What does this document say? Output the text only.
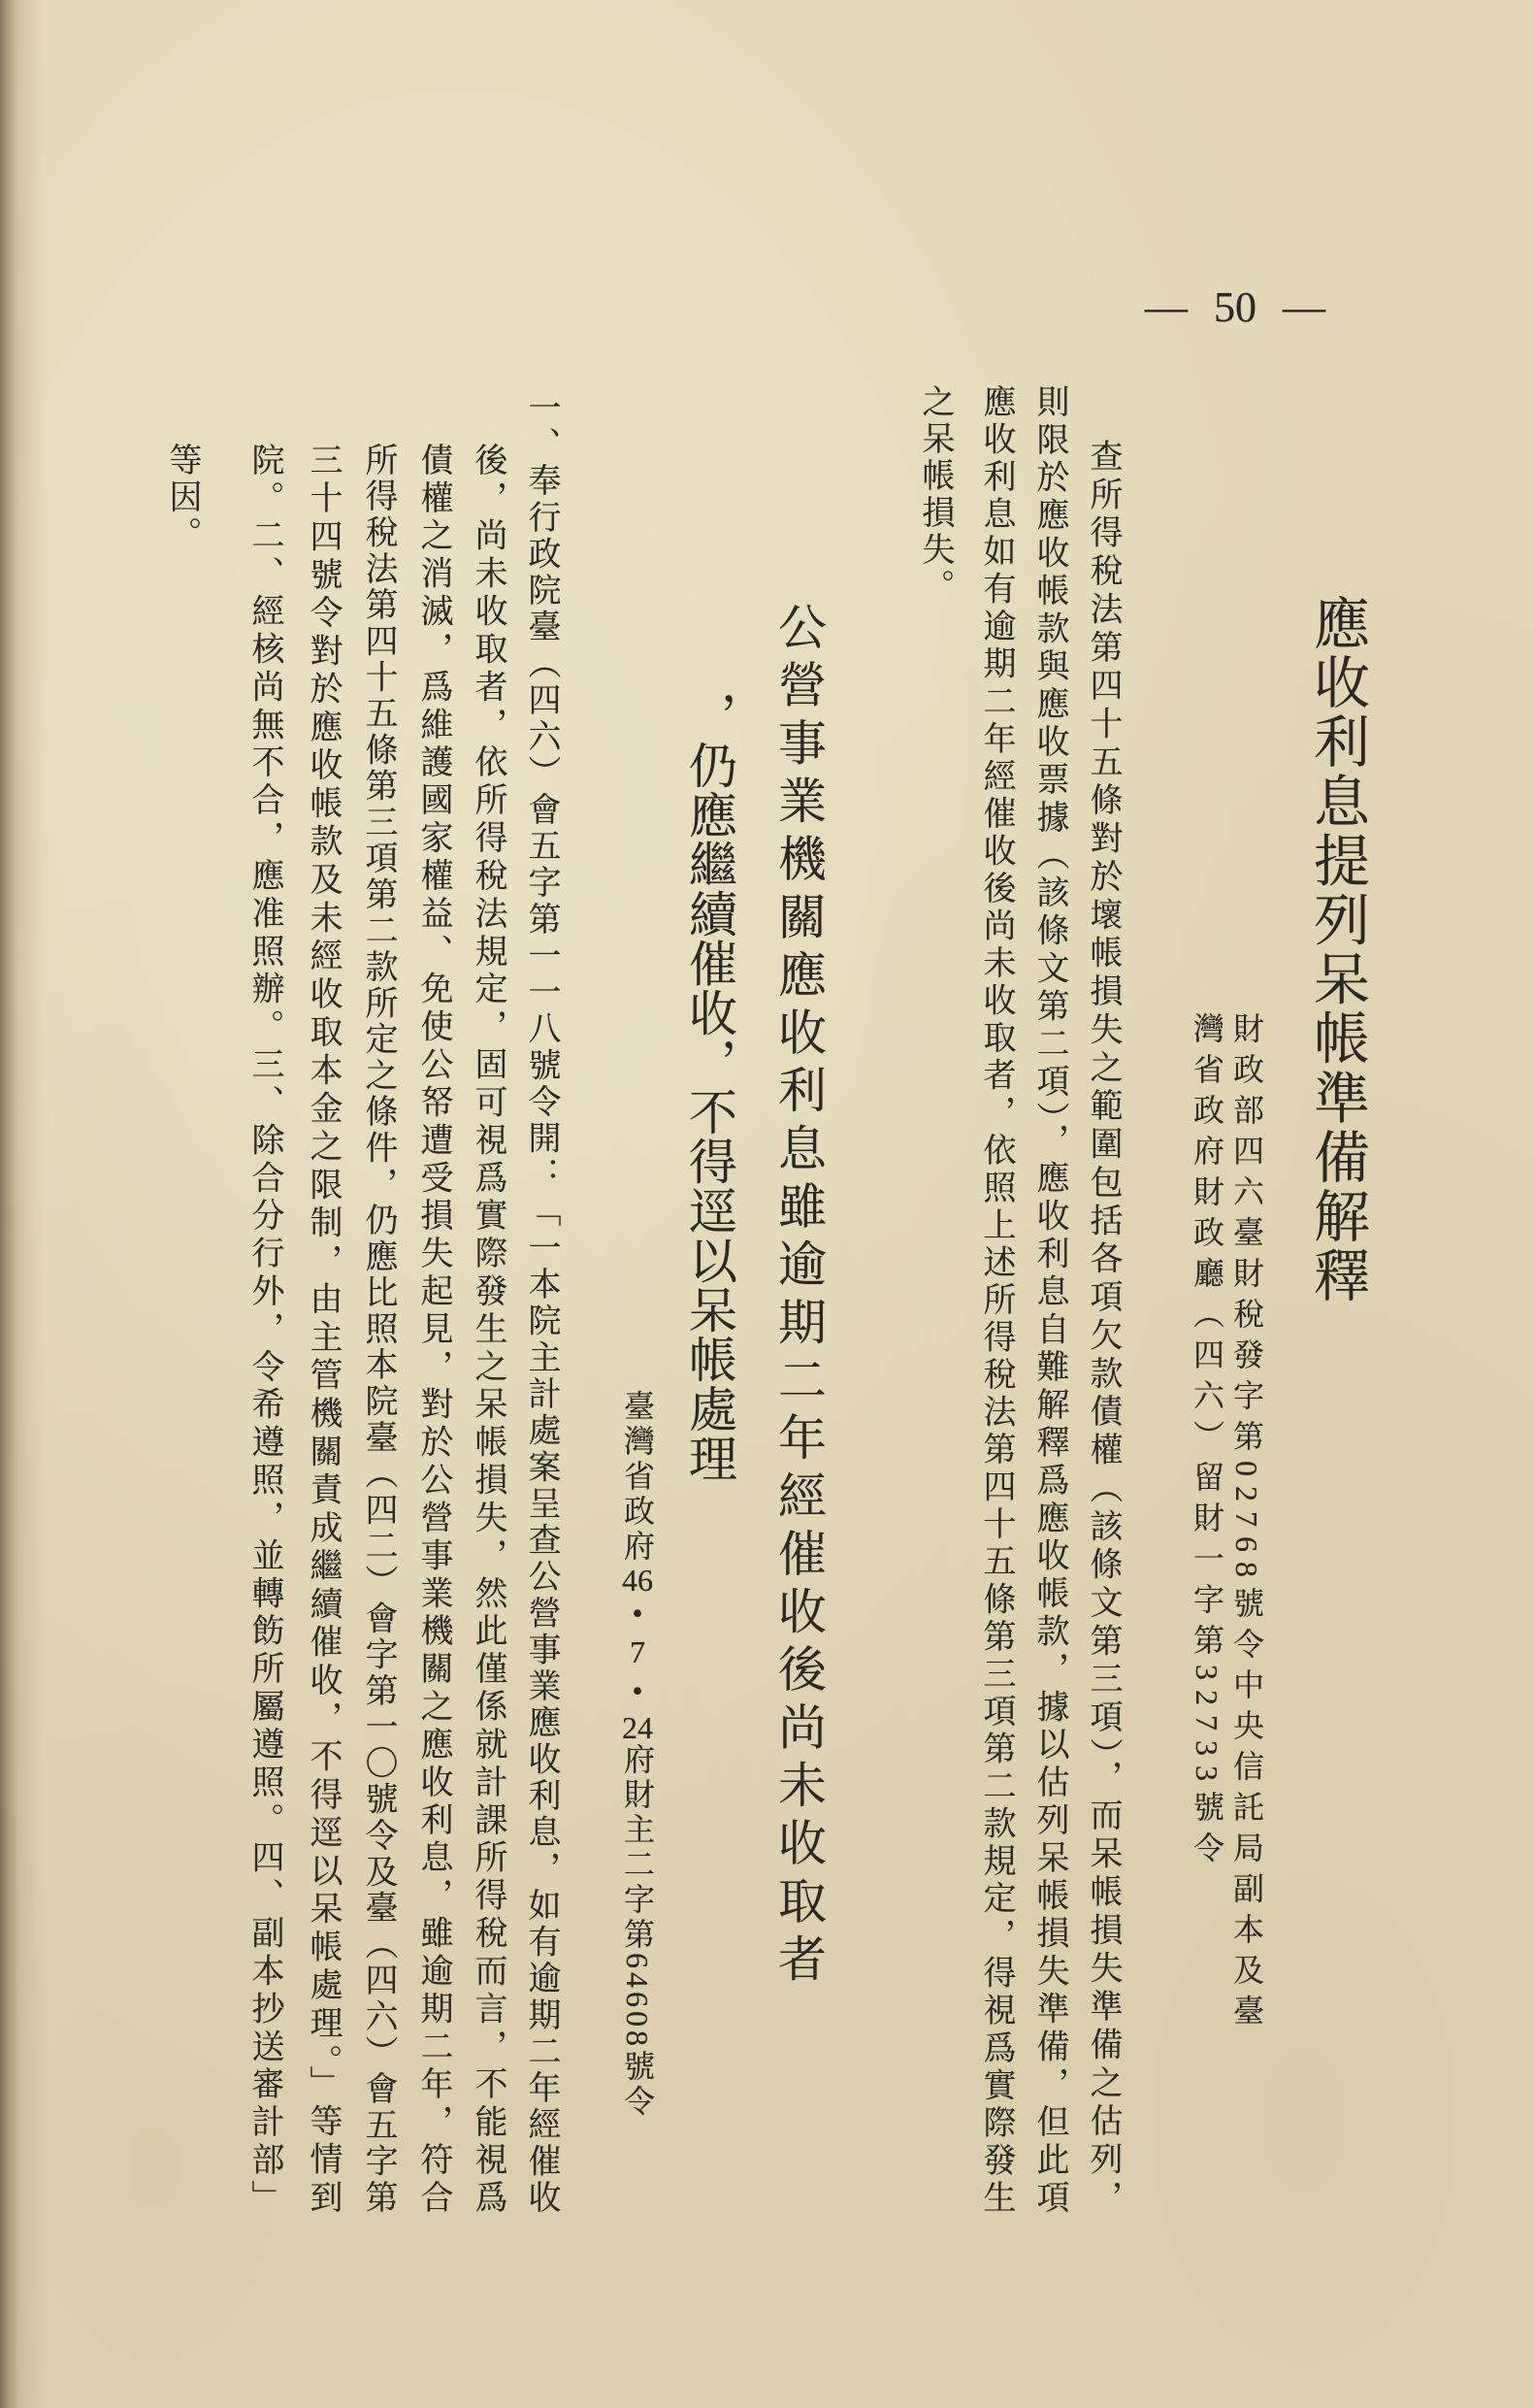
— 50 —
應收利息提列呆帳準備解釋
財政部四六臺財稅發字第02768號令中央信託局副本及臺
灣省政府財政廳（四六）留財一字第32733號令
查所得稅法第四十五條對於壞帳損失之範圍包括各項欠款債權（該條文第三項），而呆帳損失準備之估列，
則限於應收帳款與應收票據（該條文第二項），應收利息自難解釋爲應收帳款，據以估列呆帳損失準備，但此項
應收利息如有逾期二年經催收後尚未收取者，依照上述所得稅法第四十五條第三項第二款規定，得視爲實際發生
之呆帳損失。
公營事業機關應收利息雖逾期二年經催收後尚未收取者
，仍應繼續催收，不得逕以呆帳處理
臺灣省政府46•7•24府財主二字第64608號令
一、奉行政院臺（四六）會五字第一一八號令開：「一本院主計處案呈查公營事業應收利息，如有逾期二年經催收
後，尚未收取者，依所得稅法規定，固可視爲實際發生之呆帳損失，然此僅係就計課所得稅而言，不能視爲
債權之消滅，爲維護國家權益、免使公帑遭受損失起見，對於公營事業機關之應收利息，雖逾期二年，符合
所得稅法第四十五條第三項第二款所定之條件，仍應比照本院臺（四二）會字第一〇號令及臺（四六）會五字第
三十四號令對於應收帳款及未經收取本金之限制，由主管機關責成繼續催收，不得逕以呆帳處理。」等情到
院。二、經核尚無不合，應准照辦。三、除合分行外，令希遵照，並轉飭所屬遵照。四、副本抄送審計部」
等因。
